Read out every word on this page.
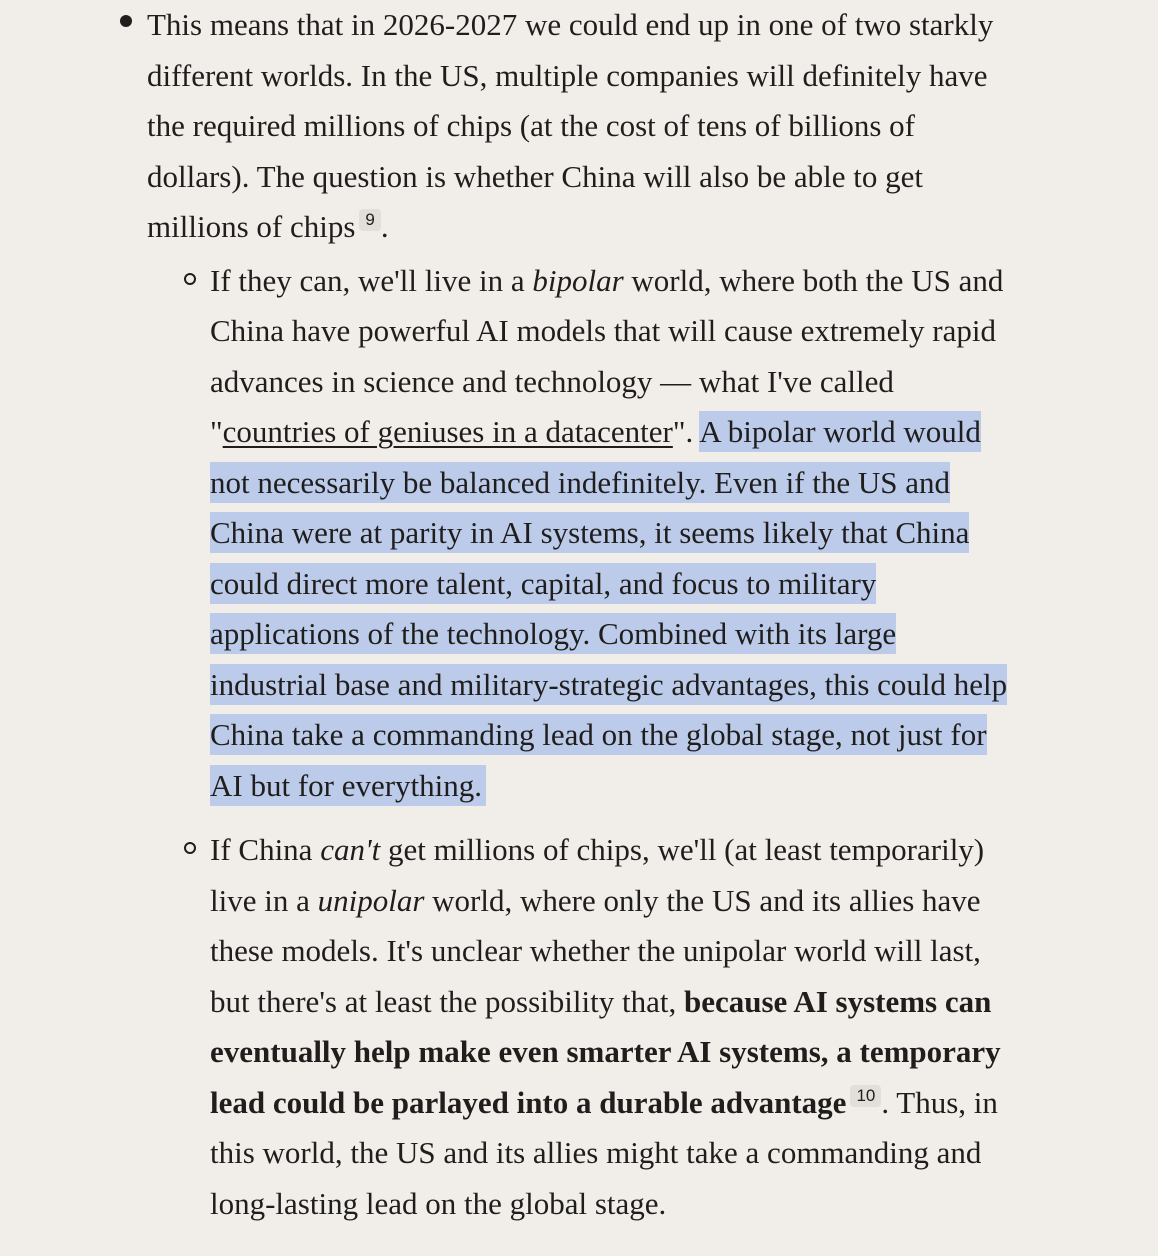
This means that in 2026-2027 we could end up in one of two starkly different worlds. In the US, multiple companies will definitely have the required millions of chips (at the cost of tens of billions of dollars). The question is whether China will also be able to get millions of chips $^9$ .
If they can, we'll live in a bipolar world, where both the US and China have powerful AI models that will cause extremely rapid advances in science and technology — what I've called "countries of geniuses in a datacenter". A bipolar world would not necessarily be balanced indefinitely. Even if the US and China were at parity in AI systems, it seems likely that China could direct more talent, capital, and focus to military applications of the technology. Combined with its large industrial base and military-strategic advantages, this could help China take a commanding lead on the global stage, not just for AI but for everything.
If China can't get millions of chips, we'll (at least temporarily) live in a unipolar world, where only the US and its allies have these models. It's unclear whether the unipolar world will last, but there's at least the possibility that, because AI systems can eventually help make even smarter AI systems, a temporary lead could be parlayed into a durable advantage $^{10}$ . Thus, in this world, the US and its allies might take a commanding and long-lasting lead on the global stage.
